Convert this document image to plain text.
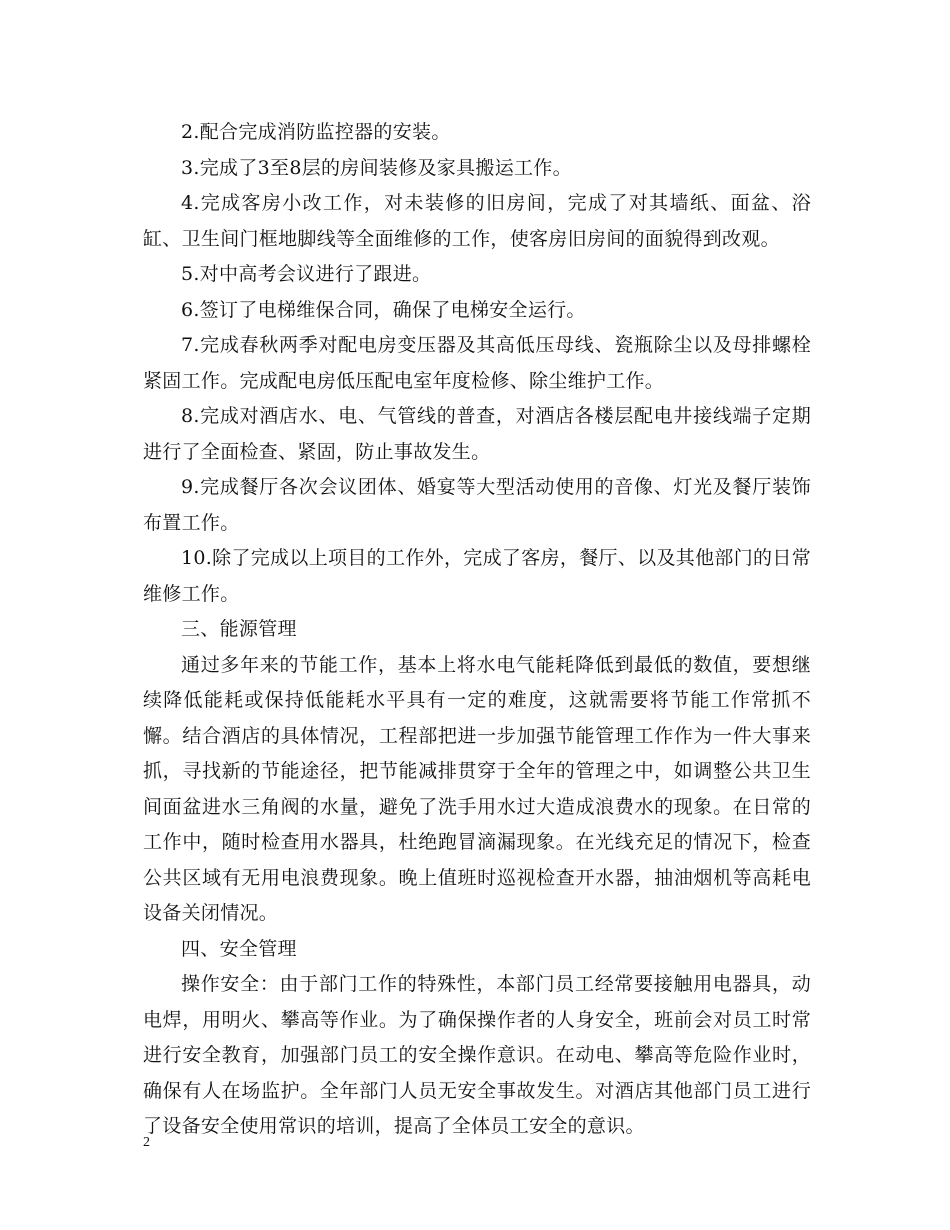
2.配合完成消防监控器的安装。

3.完成了3至8层的房间装修及家具搬运工作。

4.完成客房小改工作，对未装修的旧房间，完成了对其墙纸、面盆、浴缸、卫生间门框地脚线等全面维修的工作，使客房旧房间的面貌得到改观。

5.对中高考会议进行了跟进。

6.签订了电梯维保合同，确保了电梯安全运行。

7.完成春秋两季对配电房变压器及其高低压母线、瓷瓶除尘以及母排螺栓紧固工作。完成配电房低压配电室年度检修、除尘维护工作。

8.完成对酒店水、电、气管线的普查，对酒店各楼层配电井接线端子定期进行了全面检查、紧固，防止事故发生。

9.完成餐厅各次会议团体、婚宴等大型活动使用的音像、灯光及餐厅装饰布置工作。

10.除了完成以上项目的工作外，完成了客房，餐厅、以及其他部门的日常维修工作。

三、能源管理

通过多年来的节能工作，基本上将水电气能耗降低到最低的数值，要想继续降低能耗或保持低能耗水平具有一定的难度，这就需要将节能工作常抓不懈。结合酒店的具体情况，工程部把进一步加强节能管理工作作为一件大事来抓，寻找新的节能途径，把节能减排贯穿于全年的管理之中，如调整公共卫生间面盆进水三角阀的水量，避免了洗手用水过大造成浪费水的现象。在日常的工作中，随时检查用水器具，杜绝跑冒滴漏现象。在光线充足的情况下，检查公共区域有无用电浪费现象。晚上值班时巡视检查开水器，抽油烟机等高耗电设备关闭情况。

四、安全管理

操作安全：由于部门工作的特殊性，本部门员工经常要接触用电器具，动电焊，用明火、攀高等作业。为了确保操作者的人身安全，班前会对员工时常进行安全教育，加强部门员工的安全操作意识。在动电、攀高等危险作业时，确保有人在场监护。全年部门人员无安全事故发生。对酒店其他部门员工进行了设备安全使用常识的培训，提高了全体员工安全的意识。

2
